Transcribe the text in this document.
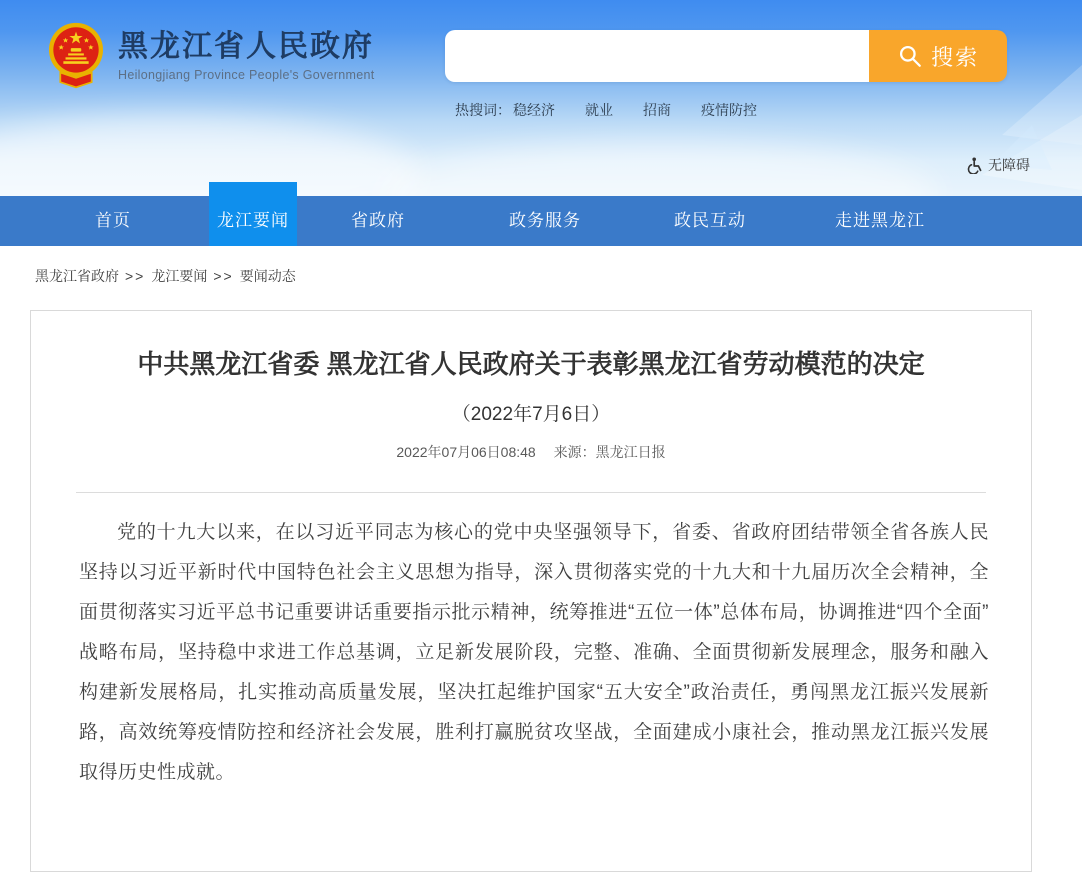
黑龙江省人民政府
Heilongjiang Province People's Government
搜索
热搜词： 稳经济 就业 招商 疫情防控
无障碍
首页	龙江要闻	省政府	政务服务	政民互动	走进黑龙江
黑龙江省政府 >> 龙江要闻 >> 要闻动态
中共黑龙江省委 黑龙江省人民政府关于表彰黑龙江省劳动模范的决定
（2022年7月6日）
2022年07月06日08:48 来源：黑龙江日报

党的十九大以来，在以习近平同志为核心的党中央坚强领导下，省委、省政府团结带领全省各族人民坚持以习近平新时代中国特色社会主义思想为指导，深入贯彻落实党的十九大和十九届历次全会精神，全面贯彻落实习近平总书记重要讲话重要指示批示精神，统筹推进“五位一体”总体布局，协调推进“四个全面”战略布局，坚持稳中求进工作总基调，立足新发展阶段，完整、准确、全面贯彻新发展理念，服务和融入构建新发展格局，扎实推动高质量发展，坚决扛起维护国家“五大安全”政治责任，勇闯黑龙江振兴发展新路，高效统筹疫情防控和经济社会发展，胜利打赢脱贫攻坚战，全面建成小康社会，推动黑龙江振兴发展取得历史性成就。
